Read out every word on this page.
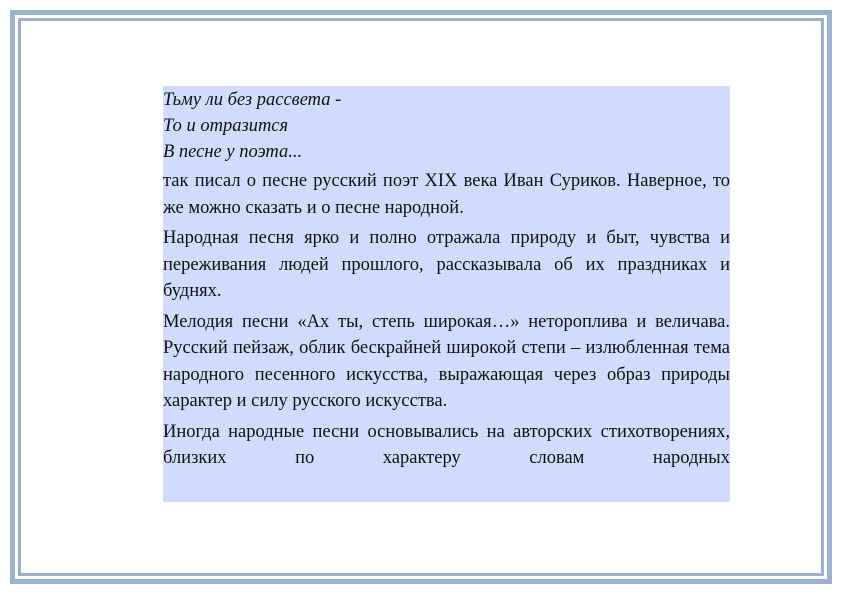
Тьму ли без рассвета -
То и отразится
В песне у поэта...

так писал о песне русский поэт XIX века Иван Суриков. Наверное, то же можно сказать и о песне народной.

Народная песня ярко и полно отражала природу и быт, чувства и переживания людей прошлого, рассказывала об их праздниках и буднях.

Мелодия песни «Ах ты, степь широкая…» нетороплива и величава. Русский пейзаж, облик бескрайней широкой степи – излюбленная тема народного песенного искусства, выражающая через образ природы характер и силу русского искусства.

Иногда народные песни основывались на авторских стихотворениях, близких по характеру словам народных
